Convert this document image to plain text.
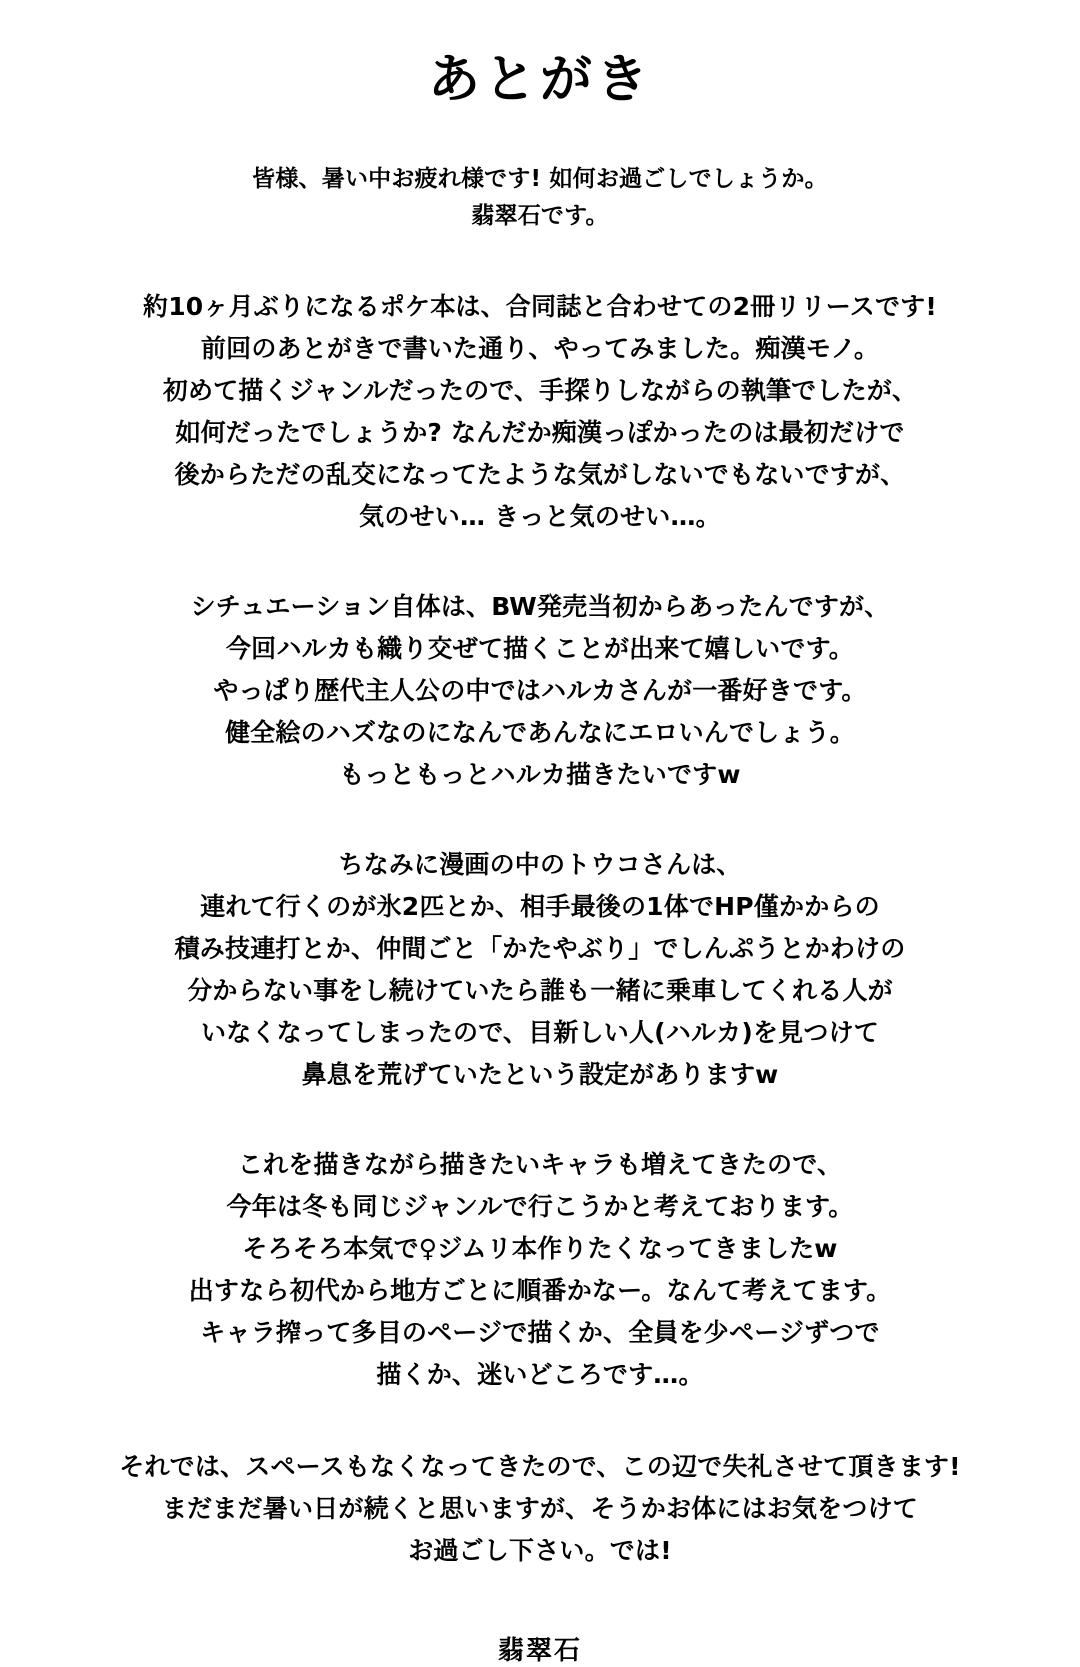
あとがき
皆様、暑い中お疲れ様です! 如何お過ごしでしょうか。
翡翠石です。
約10ヶ月ぶりになるポケ本は、合同誌と合わせての2冊リリースです!
前回のあとがきで書いた通り、やってみました。痴漢モノ。
初めて描くジャンルだったので、手探りしながらの執筆でしたが、
如何だったでしょうか? なんだか痴漢っぽかったのは最初だけで
後からただの乱交になってたような気がしないでもないですが、
気のせい… きっと気のせい…。
シチュエーション自体は、BW発売当初からあったんですが、
今回ハルカも織り交ぜて描くことが出来て嬉しいです。
やっぱり歴代主人公の中ではハルカさんが一番好きです。
健全絵のハズなのになんであんなにエロいんでしょう。
もっともっとハルカ描きたいですw
ちなみに漫画の中のトウコさんは、
連れて行くのが氷2匹とか、相手最後の1体でHP僅かからの
積み技連打とか、仲間ごと「かたやぶり」でしんぷうとかわけの
分からない事をし続けていたら誰も一緒に乗車してくれる人が
いなくなってしまったので、目新しい人(ハルカ)を見つけて
鼻息を荒げていたという設定がありますw
これを描きながら描きたいキャラも増えてきたので、
今年は冬も同じジャンルで行こうかと考えております。
そろそろ本気で♀ジムリ本作りたくなってきましたw
出すなら初代から地方ごとに順番かなー。なんて考えてます。
キャラ搾って多目のページで描くか、全員を少ページずつで
描くか、迷いどころです…。
それでは、スペースもなくなってきたので、この辺で失礼させて頂きます!
まだまだ暑い日が続くと思いますが、そうかお体にはお気をつけて
お過ごし下さい。では!
翡翠石
